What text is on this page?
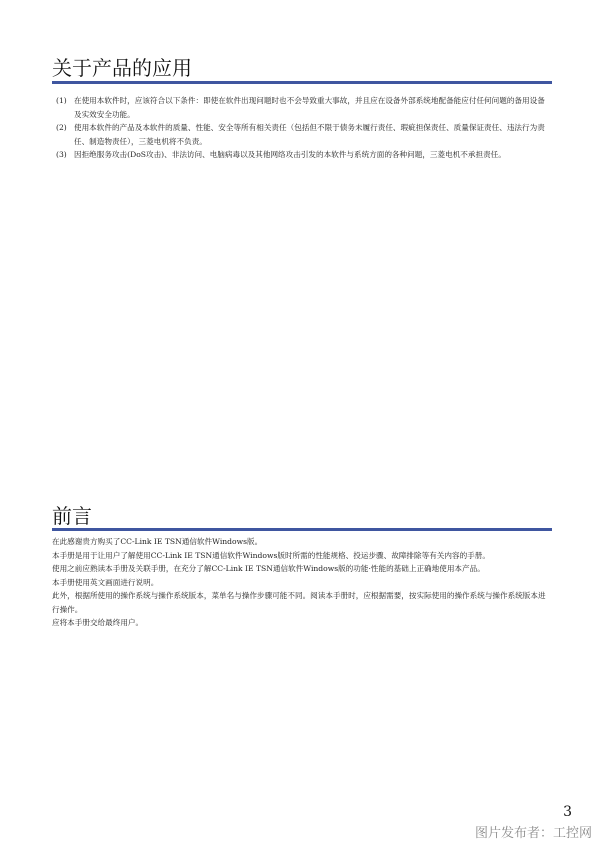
关于产品的应用
(1) 在使用本软件时，应该符合以下条件：即使在软件出现问题时也不会导致重大事故，并且应在设备外部系统地配备能应付任何问题的备用设备及实效安全功能。
(2) 使用本软件的产品及本软件的质量、性能、安全等所有相关责任（包括但不限于债务未履行责任、瑕疵担保责任、质量保证责任、违法行为责任、制造物责任），三菱电机将不负责。
(3) 因拒绝服务攻击(DoS攻击)、非法访问、电脑病毒以及其他网络攻击引发的本软件与系统方面的各种问题，三菱电机不承担责任。
前言

在此感谢贵方购买了CC-Link IE TSN通信软件Windows版。

本手册是用于让用户了解使用CC-Link IE TSN通信软件Windows版时所需的性能规格、投运步骤、故障排除等有关内容的手册。

使用之前应熟读本手册及关联手册，在充分了解CC-Link IE TSN通信软件Windows版的功能·性能的基础上正确地使用本产品。

本手册使用英文画面进行说明。

此外，根据所使用的操作系统与操作系统版本，菜单名与操作步骤可能不同。阅读本手册时，应根据需要，按实际使用的操作系统与操作系统版本进行操作。

应将本手册交给最终用户。

3
图片发布者：工控网
